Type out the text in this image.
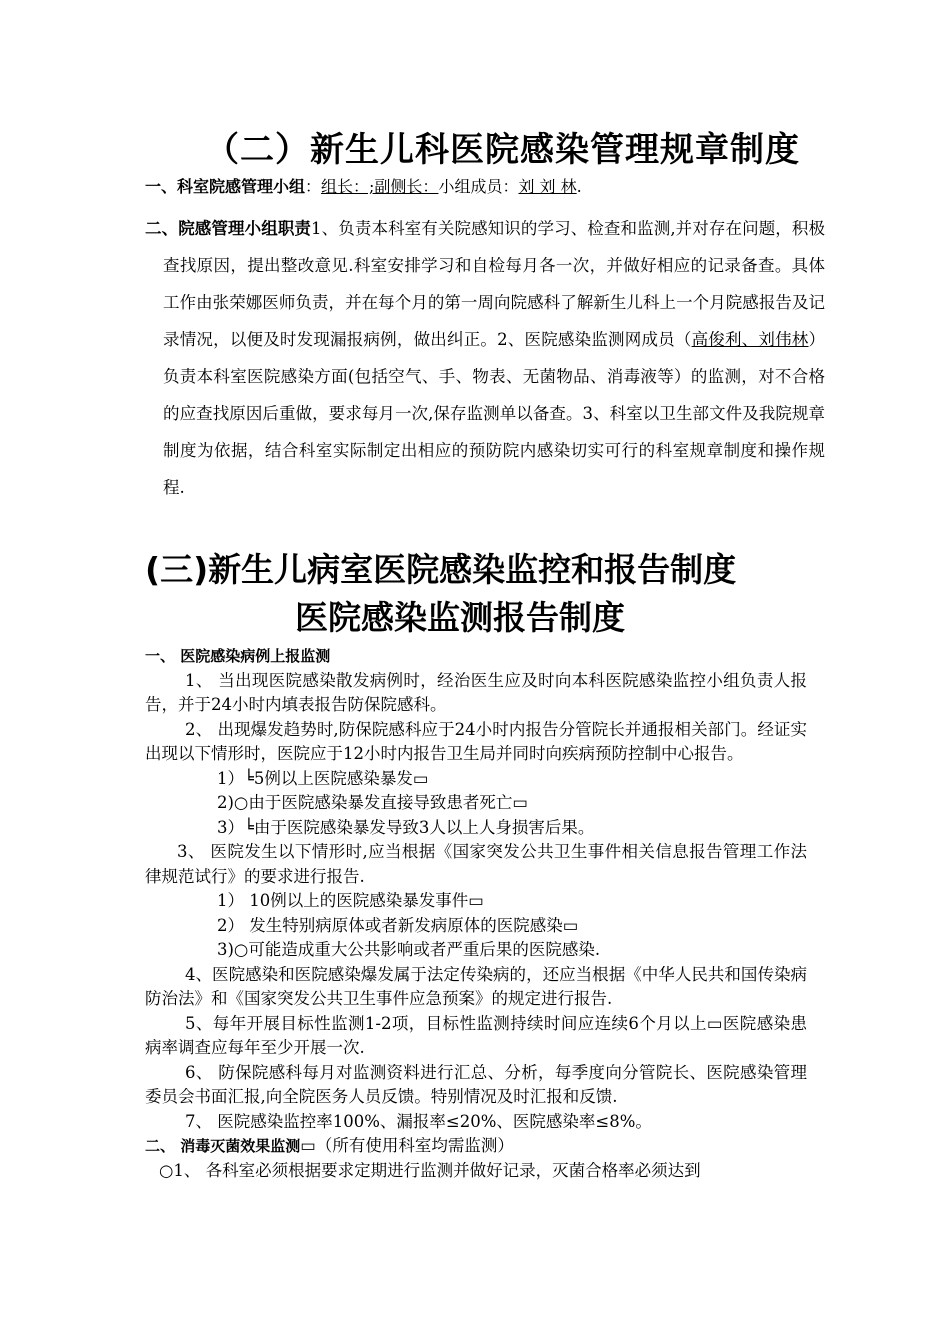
（二）新生儿科医院感染管理规章制度
一、科室院感管理小组：组长：;副侧长：小组成员：刘 刘 林.
二、院感管理小组职责1、负责本科室有关院感知识的学习、检查和监测,并对存在问题，积极查找原因，提出整改意见.科室安排学习和自检每月各一次，并做好相应的记录备查。具体工作由张荣娜医师负责，并在每个月的第一周向院感科了解新生儿科上一个月院感报告及记录情况，以便及时发现漏报病例，做出纠正。2、医院感染监测网成员（高俊利、刘伟林）负责本科室医院感染方面(包括空气、手、物表、无菌物品、消毒液等）的监测，对不合格的应查找原因后重做，要求每月一次,保存监测单以备查。3、科室以卫生部文件及我院规章制度为依据，结合科室实际制定出相应的预防院内感染切实可行的科室规章制度和操作规程.
(三)新生儿病室医院感染监控和报告制度
医院感染监测报告制度
一、 医院感染病例上报监测

1、 当出现医院感染散发病例时，经治医生应及时向本科医院感染监控小组负责人报告，并于24小时内填表报告防保院感科。

2、 出现爆发趋势时,防保院感科应于24小时内报告分管院长并通报相关部门。经证实出现以下情形时，医院应于12小时内报告卫生局并同时向疾病预防控制中心报告。

1）╘5例以上医院感染暴发▭

2)○由于医院感染暴发直接导致患者死亡▭

3）╘由于医院感染暴发导致3人以上人身损害后果。

3、 医院发生以下情形时,应当根据《国家突发公共卫生事件相关信息报告管理工作法律规范试行》的要求进行报告.

1） 10例以上的医院感染暴发事件▭

2） 发生特别病原体或者新发病原体的医院感染▭

3)○可能造成重大公共影响或者严重后果的医院感染.

4、医院感染和医院感染爆发属于法定传染病的，还应当根据《中华人民共和国传染病防治法》和《国家突发公共卫生事件应急预案》的规定进行报告.

5、每年开展目标性监测1-2项，目标性监测持续时间应连续6个月以上▭医院感染患病率调查应每年至少开展一次.

6、 防保院感科每月对监测资料进行汇总、分析，每季度向分管院长、医院感染管理委员会书面汇报,向全院医务人员反馈。特别情况及时汇报和反馈.

7、 医院感染监控率100%、漏报率≤20%、医院感染率≤8%。

二、 消毒灭菌效果监测▭（所有使用科室均需监测）

○1、 各科室必须根据要求定期进行监测并做好记录，灭菌合格率必须达到
